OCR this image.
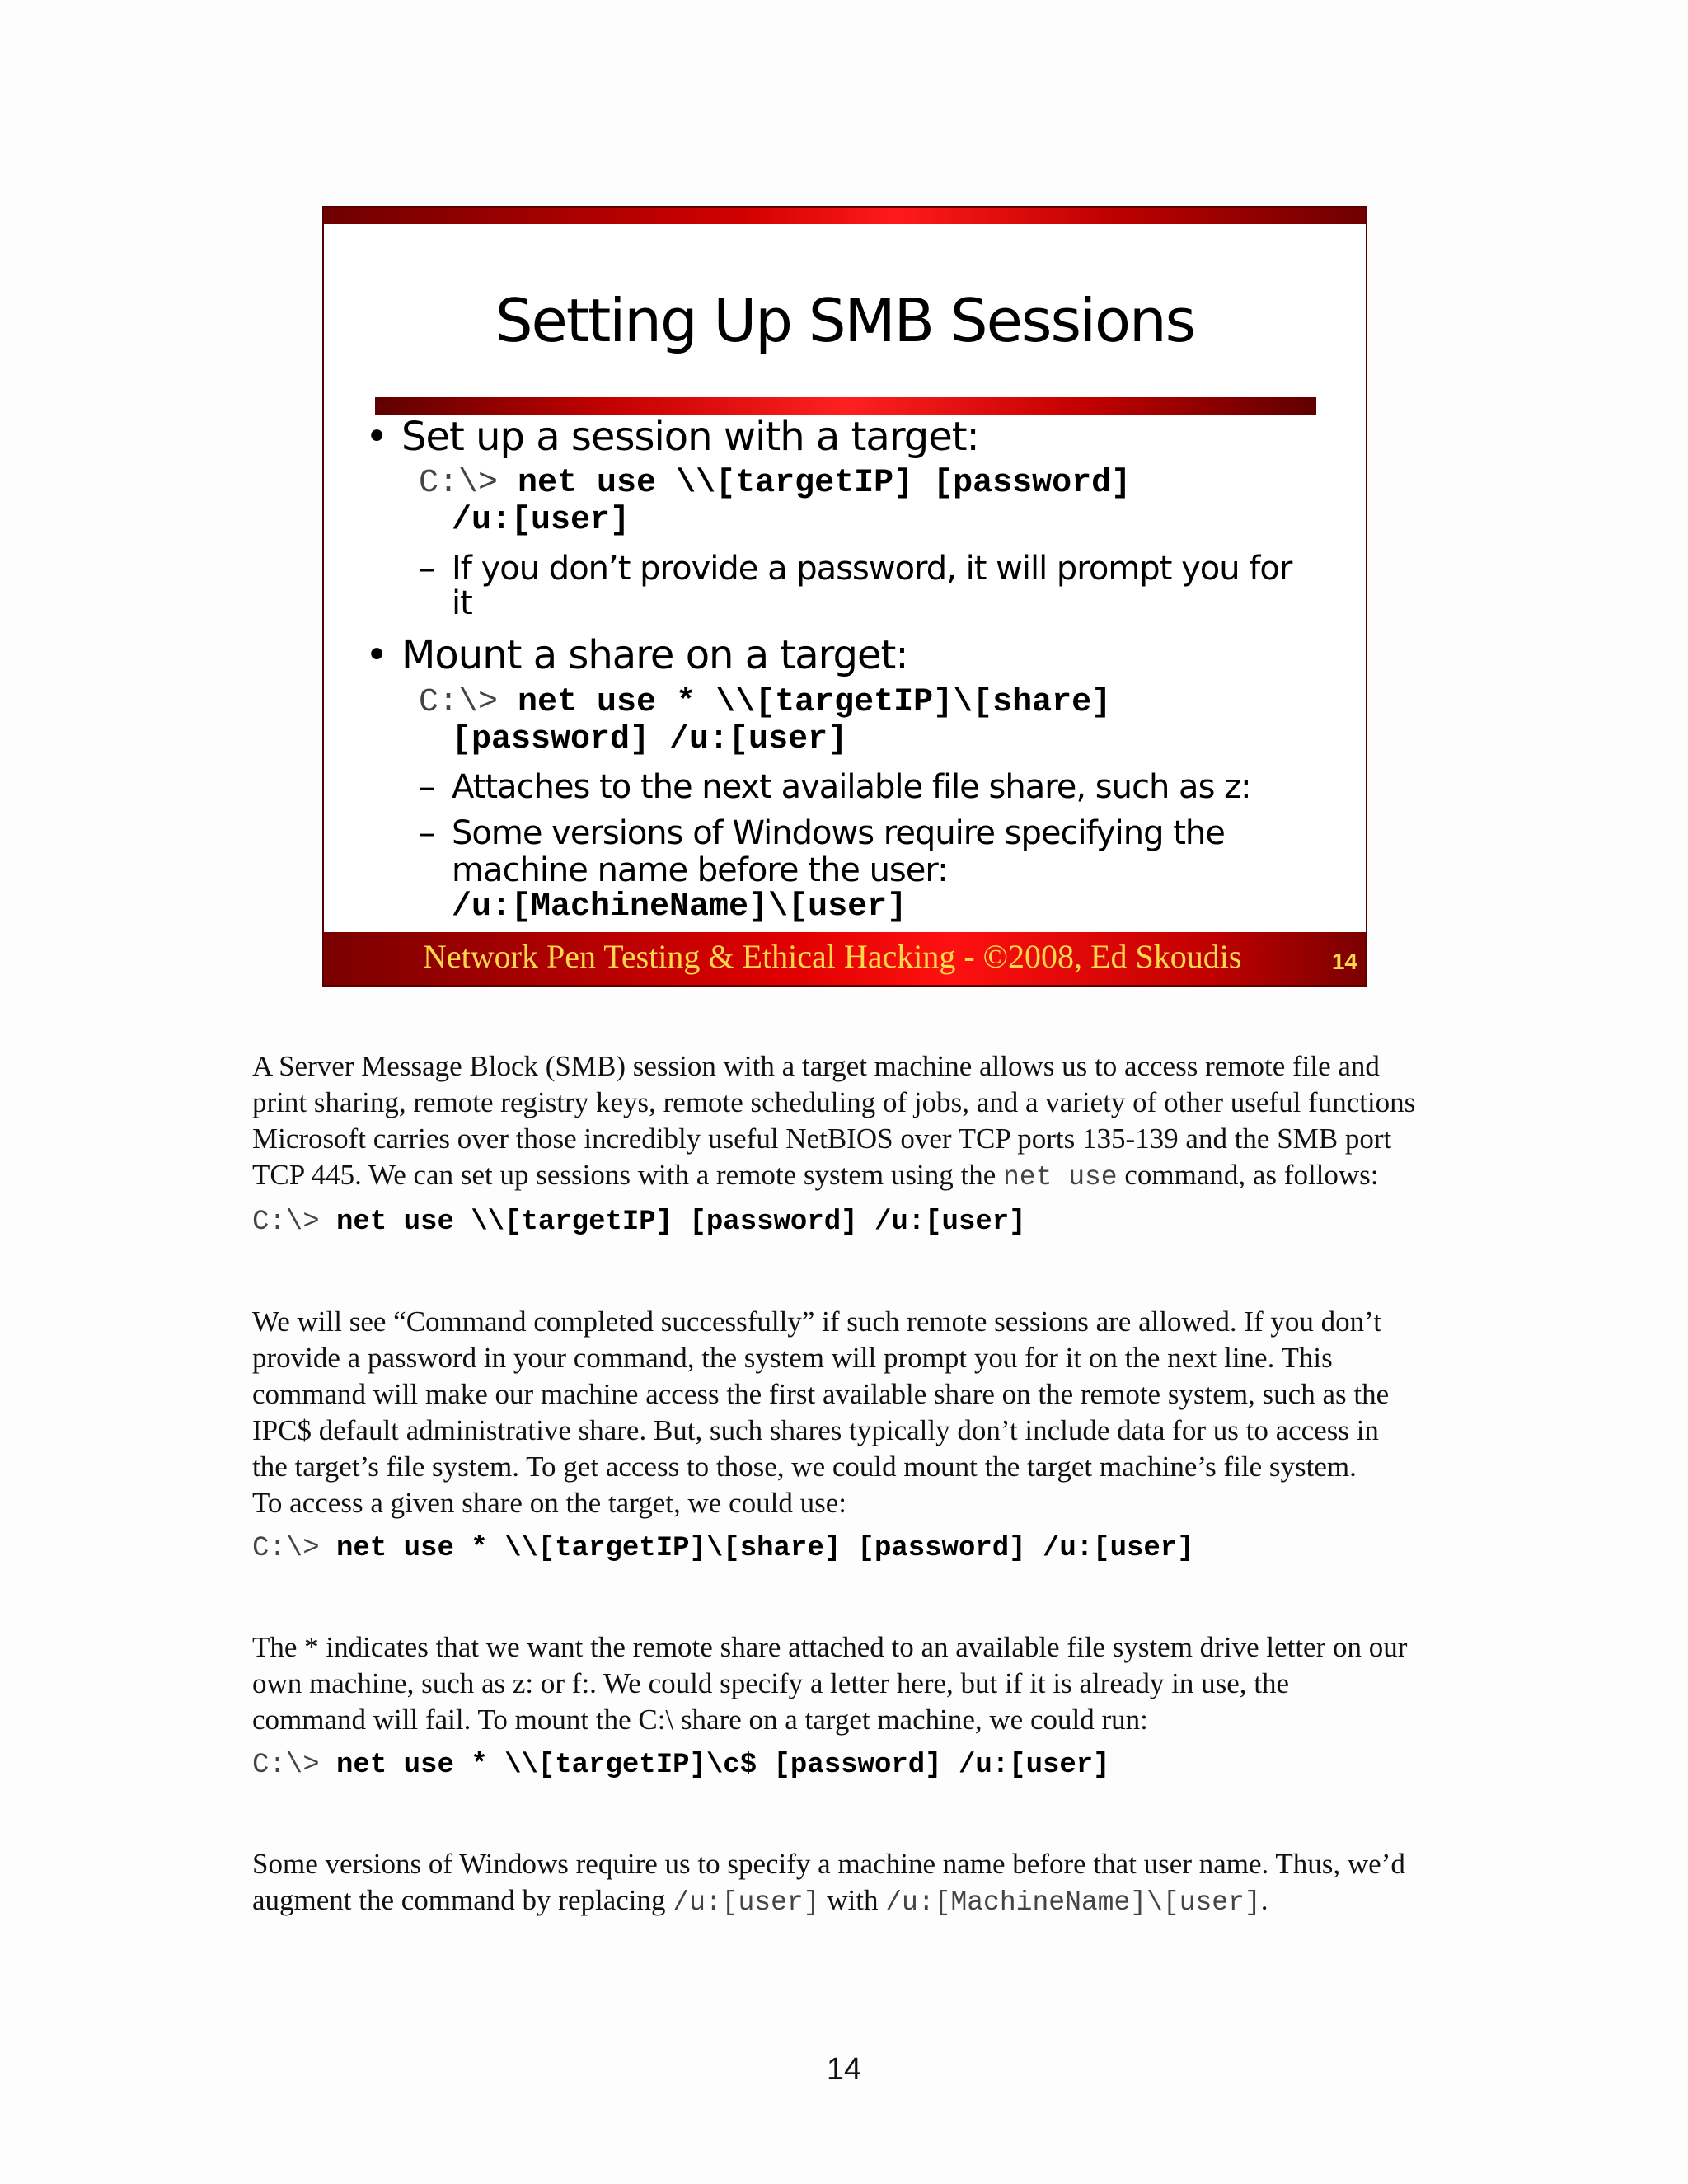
Setting Up SMB Sessions
• Set up a session with a target:
C:\> net use \\[targetIP] [password]
/u:[user]
– If you don’t provide a password, it will prompt you for
it
• Mount a share on a target:
C:\> net use * \\[targetIP]\[share]
[password] /u:[user]
– Attaches to the next available file share, such as z:
– Some versions of Windows require specifying the
machine name before the user:
/u:[MachineName]\[user]
Network Pen Testing & Ethical Hacking - ©2008, Ed Skoudis	14

A Server Message Block (SMB) session with a target machine allows us to access remote file and
print sharing, remote registry keys, remote scheduling of jobs, and a variety of other useful functions
Microsoft carries over those incredibly useful NetBIOS over TCP ports 135-139 and the SMB port
TCP 445. We can set up sessions with a remote system using the net use command, as follows:

C:\> net use \\[targetIP] [password] /u:[user]

We will see “Command completed successfully” if such remote sessions are allowed. If you don’t
provide a password in your command, the system will prompt you for it on the next line. This
command will make our machine access the first available share on the remote system, such as the
IPC$ default administrative share. But, such shares typically don’t include data for us to access in
the target’s file system. To get access to those, we could mount the target machine’s file system.
To access a given share on the target, we could use:

C:\> net use * \\[targetIP]\[share] [password] /u:[user]

The * indicates that we want the remote share attached to an available file system drive letter on our
own machine, such as z: or f:. We could specify a letter here, but if it is already in use, the
command will fail. To mount the C:\ share on a target machine, we could run:

C:\> net use * \\[targetIP]\c$ [password] /u:[user]

Some versions of Windows require us to specify a machine name before that user name. Thus, we’d
augment the command by replacing /u:[user] with /u:[MachineName]\[user].

14
